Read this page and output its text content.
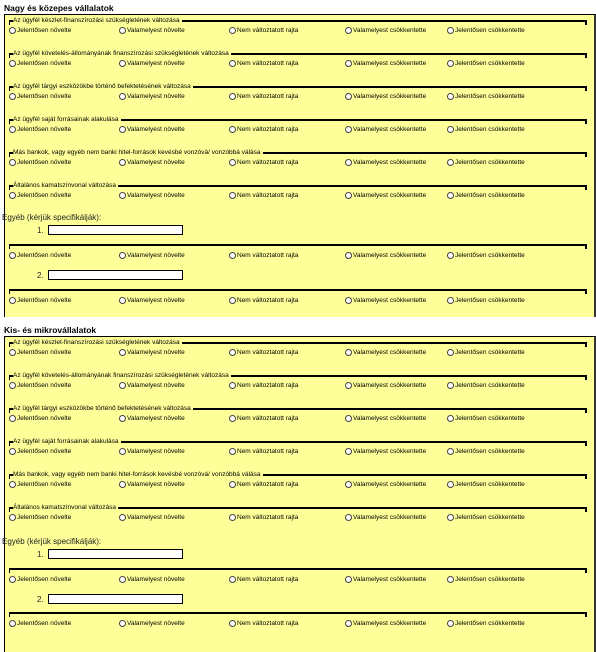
Nagy és közepes vállalatok
Az ügyfél készlet-finanszírozási szükségletének változása
Jelentősen növelte	Valamelyest növelte	Nem változtatott rajta	Valamelyest csökkentette	Jelentősen csökkentette
Az ügyfél követelés-állományának finanszírozási szükségletének változása
Jelentősen növelte	Valamelyest növelte	Nem változtatott rajta	Valamelyest csökkentette	Jelentősen csökkentette
Az ügyfél tárgyi eszközökbe történő befektetésének változása
Jelentősen növelte	Valamelyest növelte	Nem változtatott rajta	Valamelyest csökkentette	Jelentősen csökkentette
Az ügyfél saját forrásainak alakulása
Jelentősen növelte	Valamelyest növelte	Nem változtatott rajta	Valamelyest csökkentette	Jelentősen csökkentette
Más bankok, vagy egyéb nem banki hitel-források kevésbé vonzóvá/ vonzóbbá válása
Jelentősen növelte	Valamelyest növelte	Nem változtatott rajta	Valamelyest csökkentette	Jelentősen csökkentette
Általános kamatszínvonal változása
Jelentősen növelte	Valamelyest növelte	Nem változtatott rajta	Valamelyest csökkentette	Jelentősen csökkentette
Egyéb (kérjük specifikálják):
1.
Jelentősen növelte	Valamelyest növelte	Nem változtatott rajta	Valamelyest csökkentette	Jelentősen csökkentette
2.
Jelentősen növelte	Valamelyest növelte	Nem változtatott rajta	Valamelyest csökkentette	Jelentősen csökkentette
Kis- és mikrovállalatok
Az ügyfél készlet-finanszírozási szükségletének változása
Jelentősen növelte	Valamelyest növelte	Nem változtatott rajta	Valamelyest csökkentette	Jelentősen csökkentette
Az ügyfél követelés-állományának finanszírozási szükségletének változása
Jelentősen növelte	Valamelyest növelte	Nem változtatott rajta	Valamelyest csökkentette	Jelentősen csökkentette
Az ügyfél tárgyi eszközökbe történő befektetésének változása
Jelentősen növelte	Valamelyest növelte	Nem változtatott rajta	Valamelyest csökkentette	Jelentősen csökkentette
Az ügyfél saját forrásainak alakulása
Jelentősen növelte	Valamelyest növelte	Nem változtatott rajta	Valamelyest csökkentette	Jelentősen csökkentette
Más bankok, vagy egyéb nem banki hitel-források kevésbé vonzóvá/ vonzóbbá válása
Jelentősen növelte	Valamelyest növelte	Nem változtatott rajta	Valamelyest csökkentette	Jelentősen csökkentette
Általános kamatszínvonal változása
Jelentősen növelte	Valamelyest növelte	Nem változtatott rajta	Valamelyest csökkentette	Jelentősen csökkentette
Egyéb (kérjük specifikálják):
1.
Jelentősen növelte	Valamelyest növelte	Nem változtatott rajta	Valamelyest csökkentette	Jelentősen csökkentette
2.
Jelentősen növelte	Valamelyest növelte	Nem változtatott rajta	Valamelyest csökkentette	Jelentősen csökkentette
